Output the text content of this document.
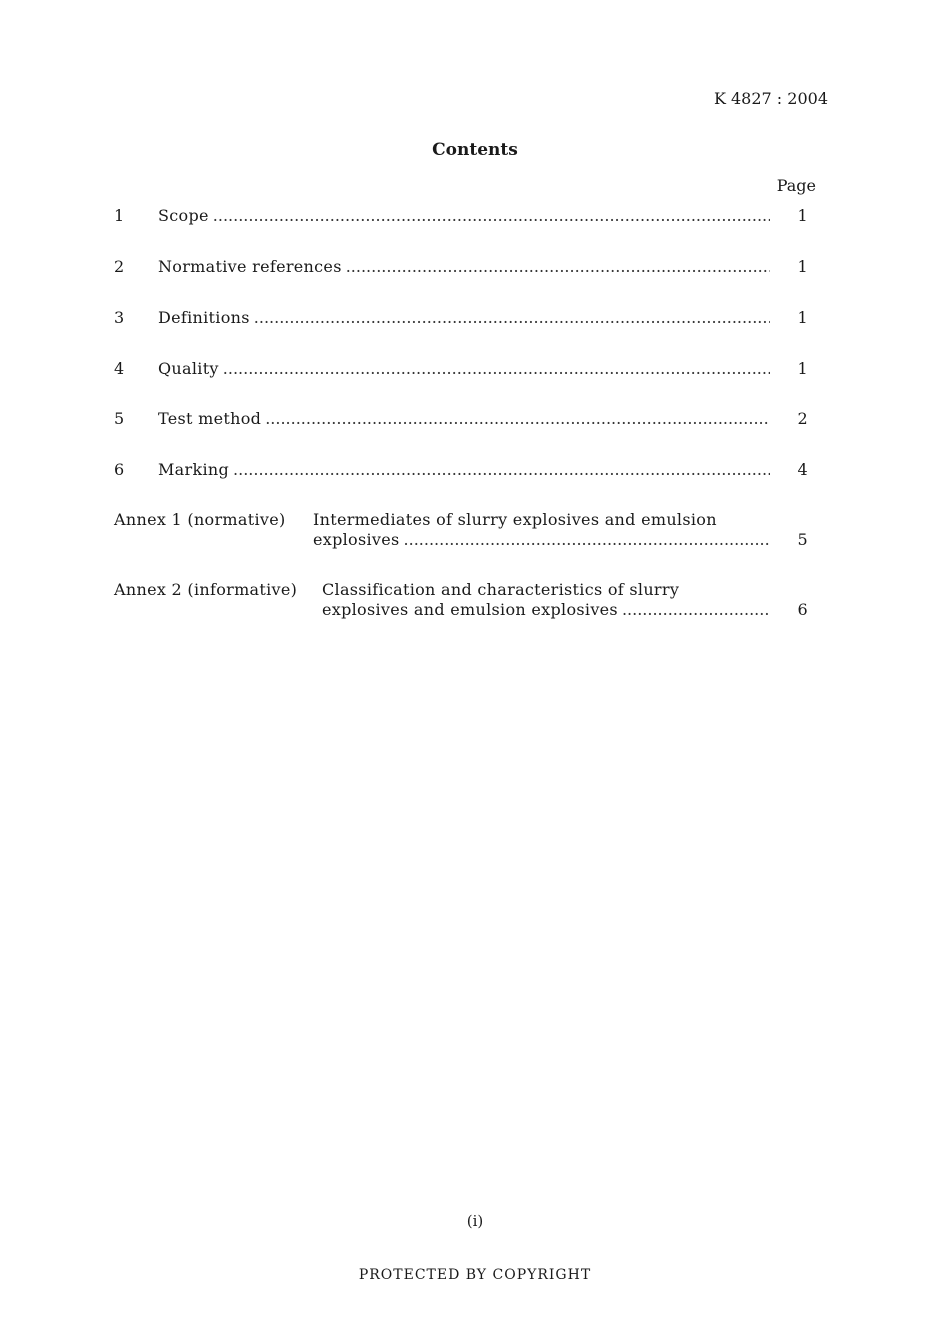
K 4827 : 2004
Contents
Page
1 Scope .....	1
2 Normative references .....	1
3 Definitions .....	1
4 Quality .....	1
5 Test method .....	2
6 Marking .....	4
Annex 1 (normative) Intermediates of slurry explosives and emulsion
explosives .....	5
Annex 2 (informative) Classification and characteristics of slurry
explosives and emulsion explosives .....	6
(i)
PROTECTED BY COPYRIGHT
